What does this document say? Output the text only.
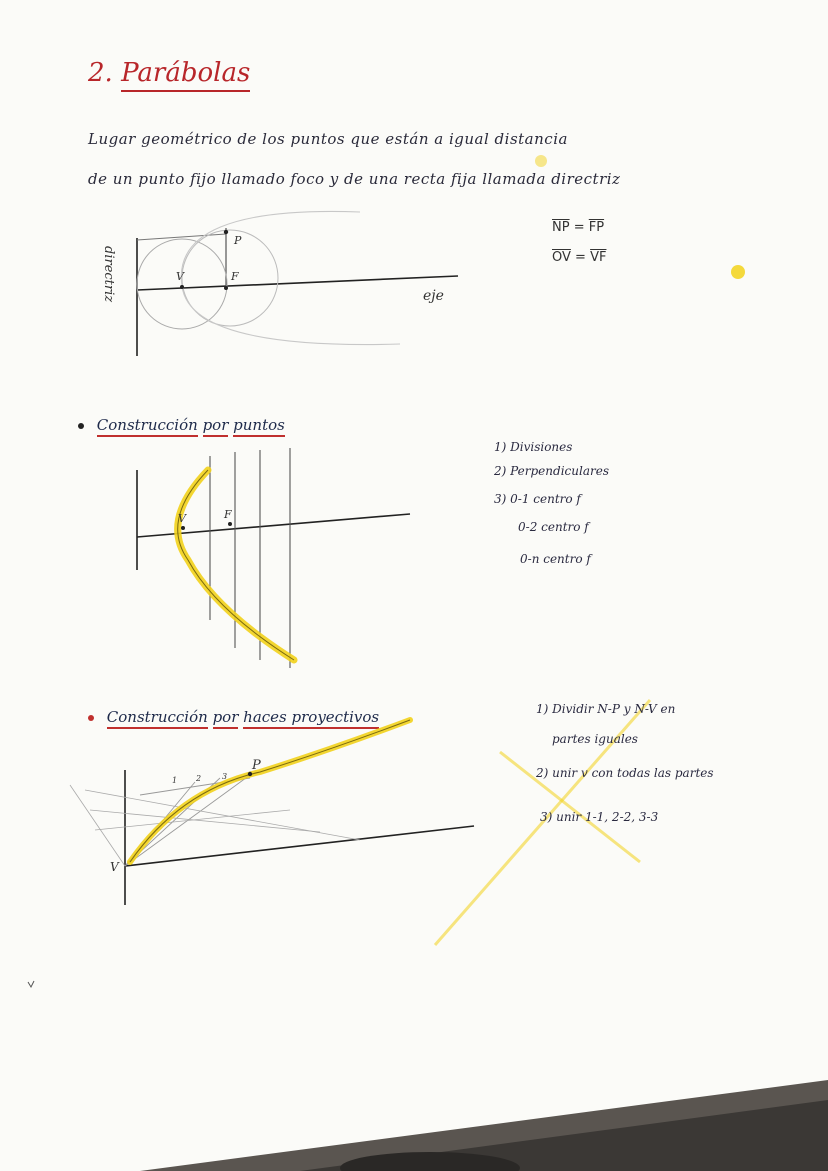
2. Parábolas
Lugar geométrico de los puntos que están a igual distancia
de un punto fijo llamado foco y de una recta fija llamada directriz
directriz
P
V	F
eje
$\overline{NP} = \overline{FP}$
$\overline{OV} = \overline{VF}$
Construcción por puntos
V	F
1) Divisiones
2) Perpendiculares
3) 0-1 centro f
0-2 centro f
0-n centro f
Construcción por haces proyectivos
P
V
1 2	3
1) Dividir N-P y N-V en
partes iguales
2) unir v con todas las partes
3) unir 1-1, 2-2, 3-3
